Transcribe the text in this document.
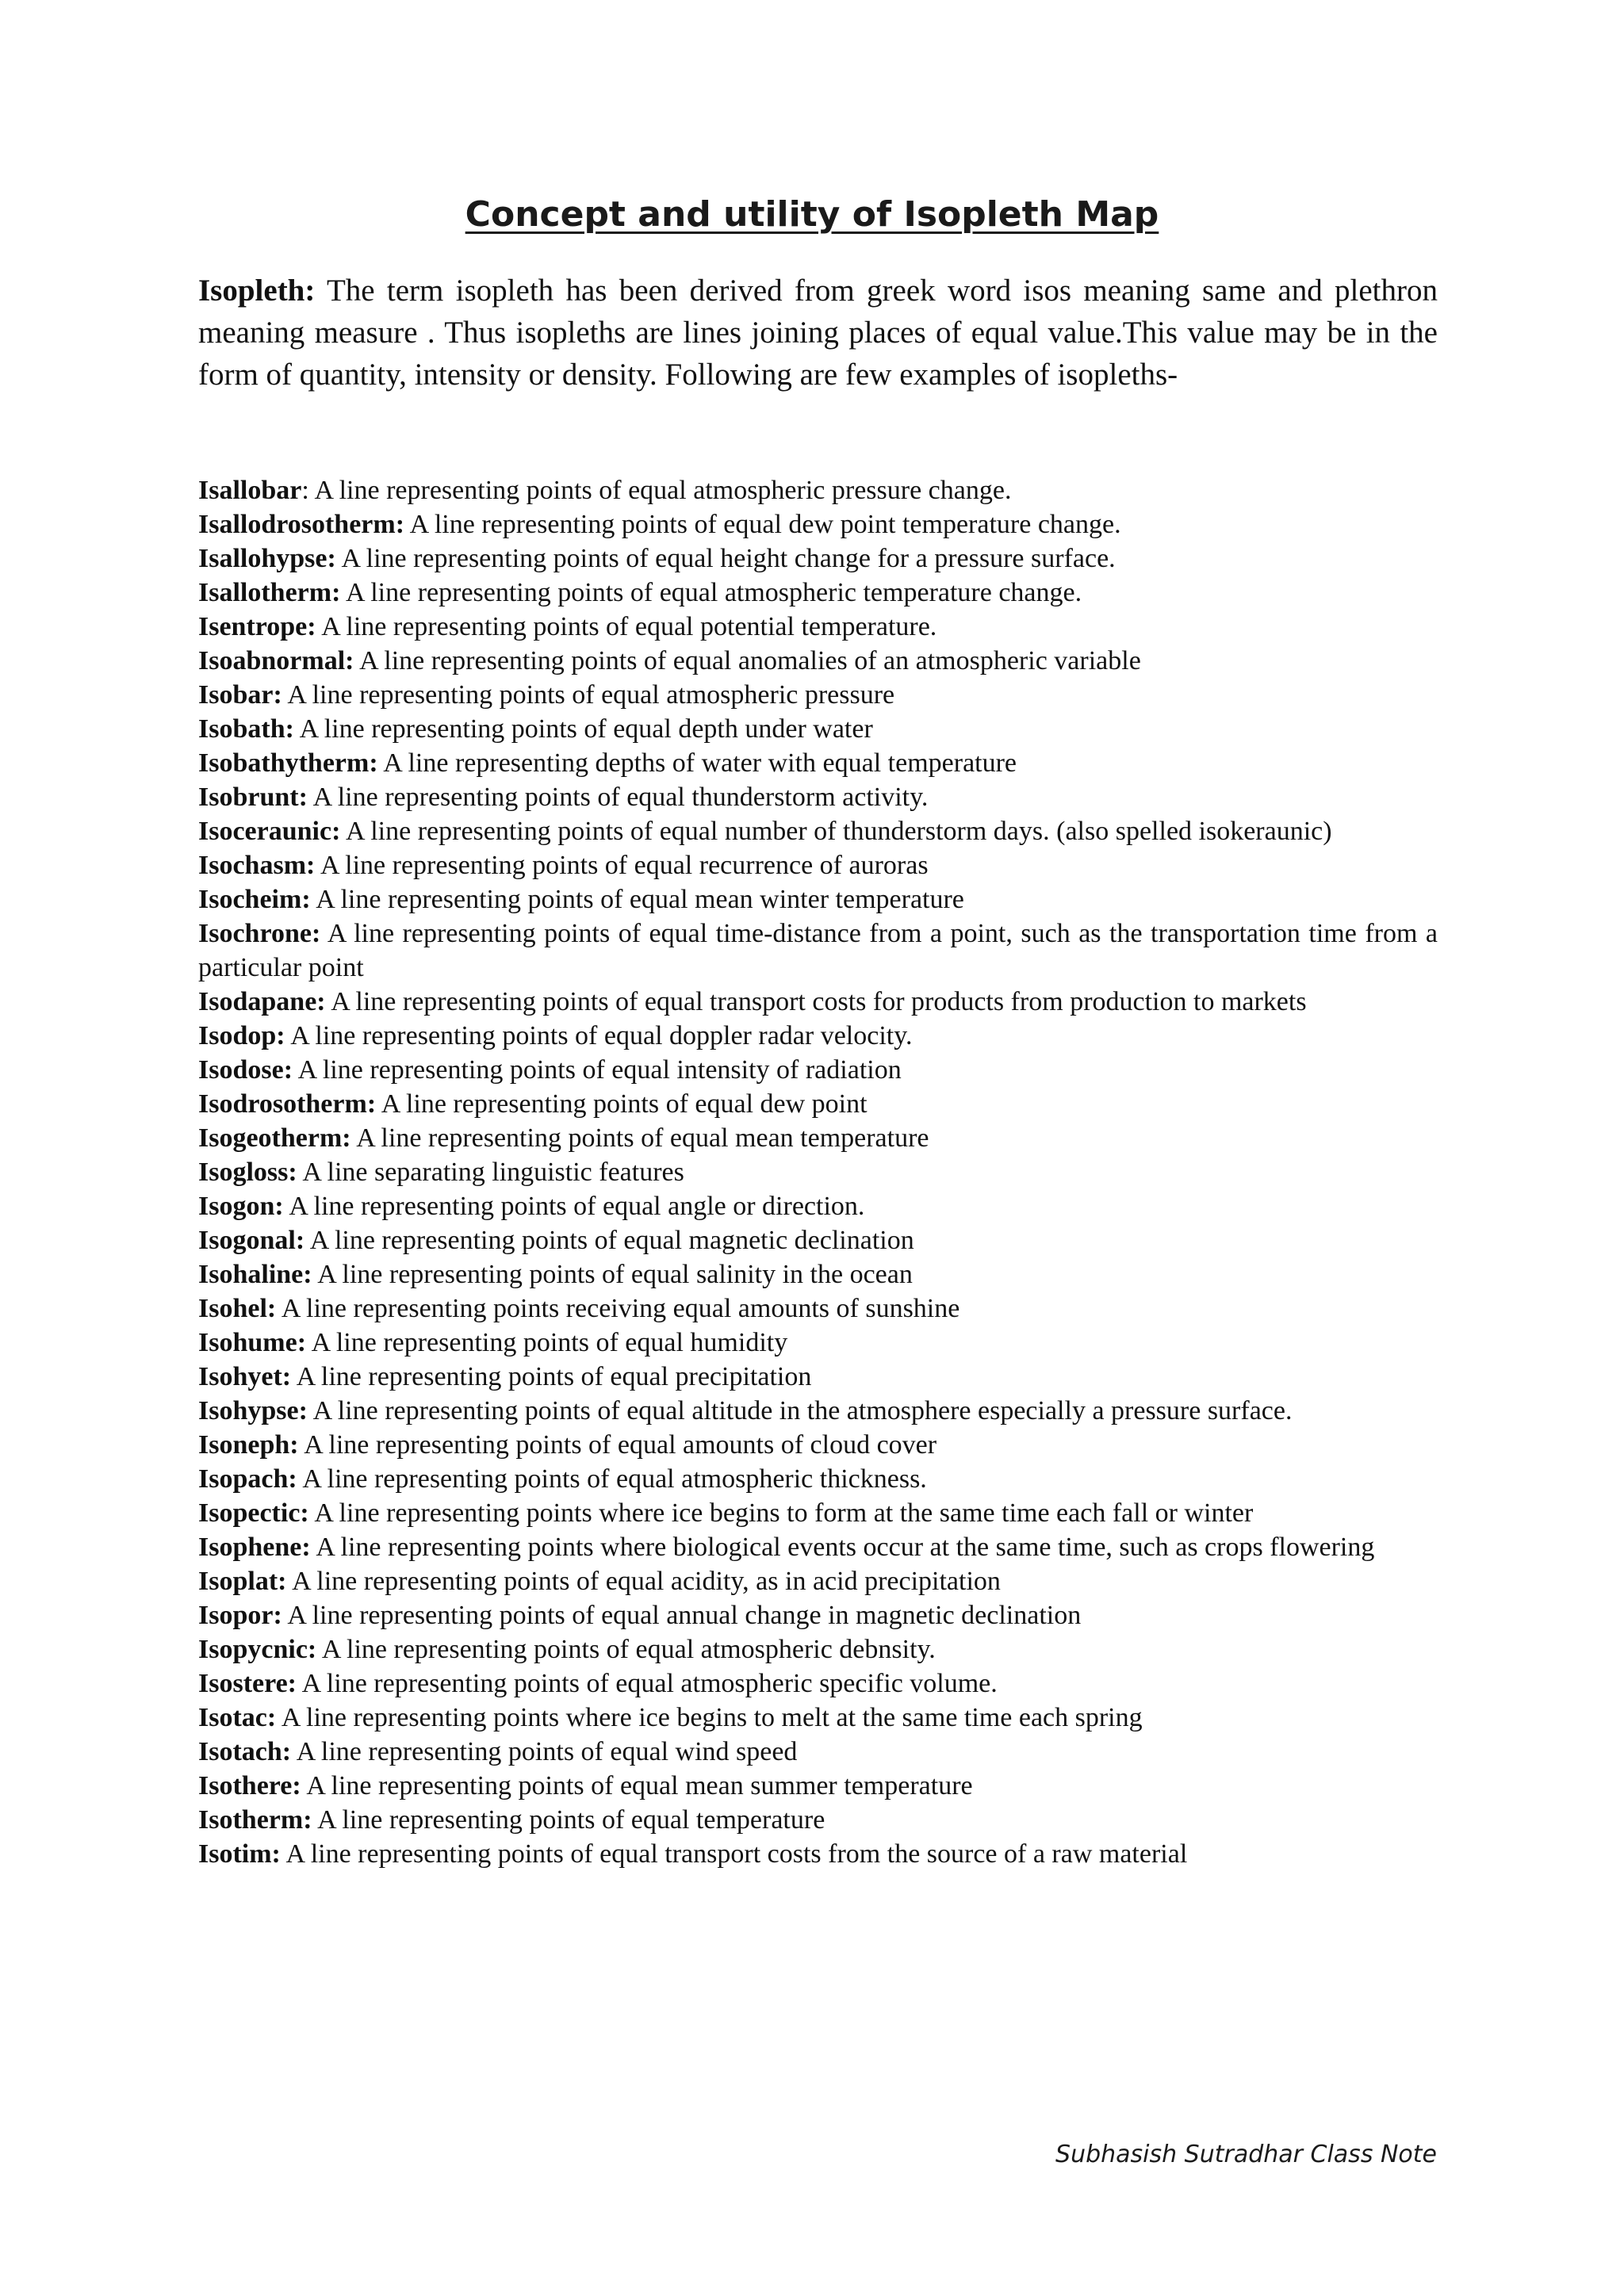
Concept and utility of Isopleth Map

Isopleth: The term isopleth has been derived from greek word isos meaning same and plethron meaning measure . Thus isopleths are lines joining places of equal value.This value may be in the form of quantity, intensity or density. Following are few examples of isopleths-

Isallobar: A line representing points of equal atmospheric pressure change.
Isallodrosotherm: A line representing points of equal dew point temperature change.
Isallohypse: A line representing points of equal height change for a pressure surface.
Isallotherm: A line representing points of equal atmospheric temperature change.
Isentrope: A line representing points of equal potential temperature.
Isoabnormal: A line representing points of equal anomalies of an atmospheric variable
Isobar: A line representing points of equal atmospheric pressure
Isobath: A line representing points of equal depth under water
Isobathytherm: A line representing depths of water with equal temperature
Isobrunt: A line representing points of equal thunderstorm activity.
Isoceraunic: A line representing points of equal number of thunderstorm days. (also spelled isokeraunic)
Isochasm: A line representing points of equal recurrence of auroras
Isocheim: A line representing points of equal mean winter temperature
Isochrone: A line representing points of equal time-distance from a point, such as the transportation time from a particular point
Isodapane: A line representing points of equal transport costs for products from production to markets
Isodop: A line representing points of equal doppler radar velocity.
Isodose: A line representing points of equal intensity of radiation
Isodrosotherm: A line representing points of equal dew point
Isogeotherm: A line representing points of equal mean temperature
Isogloss: A line separating linguistic features
Isogon: A line representing points of equal angle or direction.
Isogonal: A line representing points of equal magnetic declination
Isohaline: A line representing points of equal salinity in the ocean
Isohel: A line representing points receiving equal amounts of sunshine
Isohume: A line representing points of equal humidity
Isohyet: A line representing points of equal precipitation
Isohypse: A line representing points of equal altitude in the atmosphere especially a pressure surface.
Isoneph: A line representing points of equal amounts of cloud cover
Isopach: A line representing points of equal atmospheric thickness.
Isopectic: A line representing points where ice begins to form at the same time each fall or winter
Isophene: A line representing points where biological events occur at the same time, such as crops flowering
Isoplat: A line representing points of equal acidity, as in acid precipitation
Isopor: A line representing points of equal annual change in magnetic declination
Isopycnic: A line representing points of equal atmospheric debnsity.
Isostere: A line representing points of equal atmospheric specific volume.
Isotac: A line representing points where ice begins to melt at the same time each spring
Isotach: A line representing points of equal wind speed
Isothere: A line representing points of equal mean summer temperature
Isotherm: A line representing points of equal temperature
Isotim: A line representing points of equal transport costs from the source of a raw material

Subhasish Sutradhar Class Note
